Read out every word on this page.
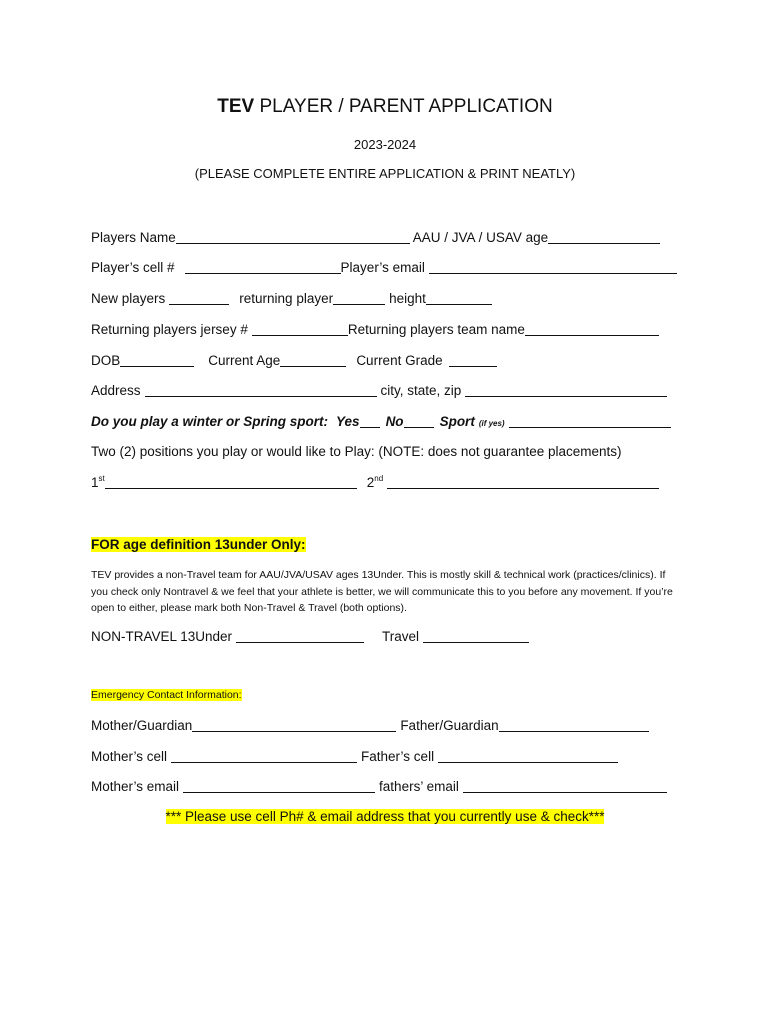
TEV PLAYER / PARENT APPLICATION
2023-2024
(PLEASE COMPLETE ENTIRE APPLICATION & PRINT NEATLY)
Players Name	AAU / JVA / USAV age
Player’s cell #	Player’s email
New players	returning player	height
Returning players jersey #	Returning players team name
DOB	Current Age	Current Grade
Address	city, state, zip
Do you play a winter or Spring sport: Yes No	Sport (if yes)
Two (2) positions you play or would like to Play: (NOTE: does not guarantee placements)
1st	2nd
FOR age definition 13under Only:
TEV provides a non-Travel team for AAU/JVA/USAV ages 13Under. This is mostly skill & technical work (practices/clinics). If you check only Nontravel & we feel that your athlete is better, we will communicate this to you before any movement. If you’re open to either, please mark both Non-Travel & Travel (both options).
NON-TRAVEL 13Under	Travel
Emergency Contact Information:
Mother/Guardian	Father/Guardian
Mother’s cell	Father’s cell
Mother’s email	fathers’ email
*** Please use cell Ph# & email address that you currently use & check***
